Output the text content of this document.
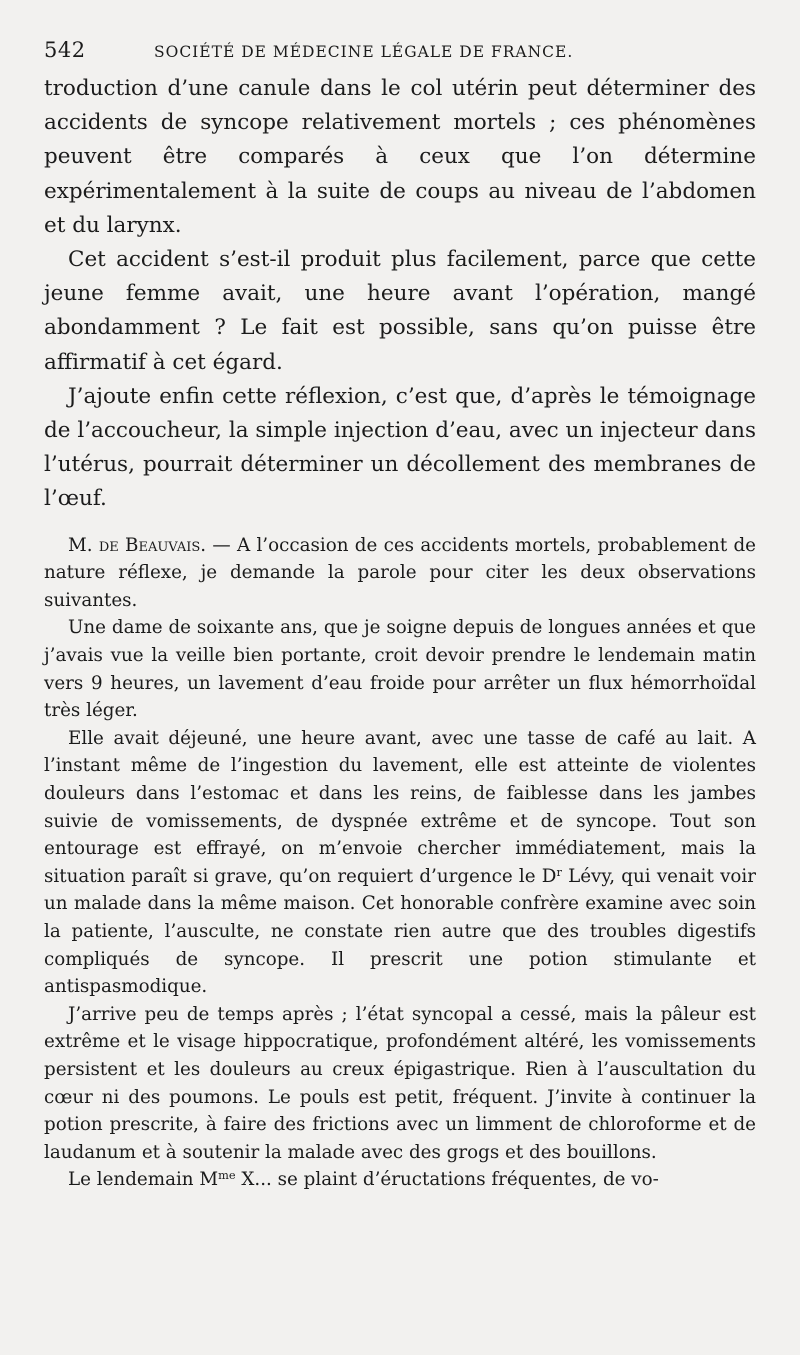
542	SOCIÉTÉ DE MÉDECINE LÉGALE DE FRANCE.

troduction d’une canule dans le col utérin peut déterminer des accidents de syncope relativement mortels ; ces phénomènes peuvent être comparés à ceux que l’on détermine expérimentalement à la suite de coups au niveau de l’abdomen et du larynx.

Cet accident s’est-il produit plus facilement, parce que cette jeune femme avait, une heure avant l’opération, mangé abondamment ? Le fait est possible, sans qu’on puisse être affirmatif à cet égard.

J’ajoute enfin cette réflexion, c’est que, d’après le témoignage de l’accoucheur, la simple injection d’eau, avec un injecteur dans l’utérus, pourrait déterminer un décollement des membranes de l’œuf.

M. de Beauvais. — A l’occasion de ces accidents mortels, probablement de nature réflexe, je demande la parole pour citer les deux observations suivantes.

Une dame de soixante ans, que je soigne depuis de longues années et que j’avais vue la veille bien portante, croit devoir prendre le lendemain matin vers 9 heures, un lavement d’eau froide pour arrêter un flux hémorrhoïdal très léger.

Elle avait déjeuné, une heure avant, avec une tasse de café au lait. A l’instant même de l’ingestion du lavement, elle est atteinte de violentes douleurs dans l’estomac et dans les reins, de faiblesse dans les jambes suivie de vomissements, de dyspnée extrême et de syncope. Tout son entourage est effrayé, on m’envoie chercher immédiatement, mais la situation paraît si grave, qu’on requiert d’urgence le $D^r$ Lévy, qui venait voir un malade dans la même maison. Cet honorable confrère examine avec soin la patiente, l’ausculte, ne constate rien autre que des troubles digestifs compliqués de syncope. Il prescrit une potion stimulante et antispasmodique.

J’arrive peu de temps après ; l’état syncopal a cessé, mais la pâleur est extrême et le visage hippocratique, profondément altéré, les vomissements persistent et les douleurs au creux épigastrique. Rien à l’auscultation du cœur ni des poumons. Le pouls est petit, fréquent. J’invite à continuer la potion prescrite, à faire des frictions avec un limment de chloroforme et de laudanum et à soutenir la malade avec des grogs et des bouillons.

Le lendemain $M^{me}$ X... se plaint d’éructations fréquentes, de vo-
